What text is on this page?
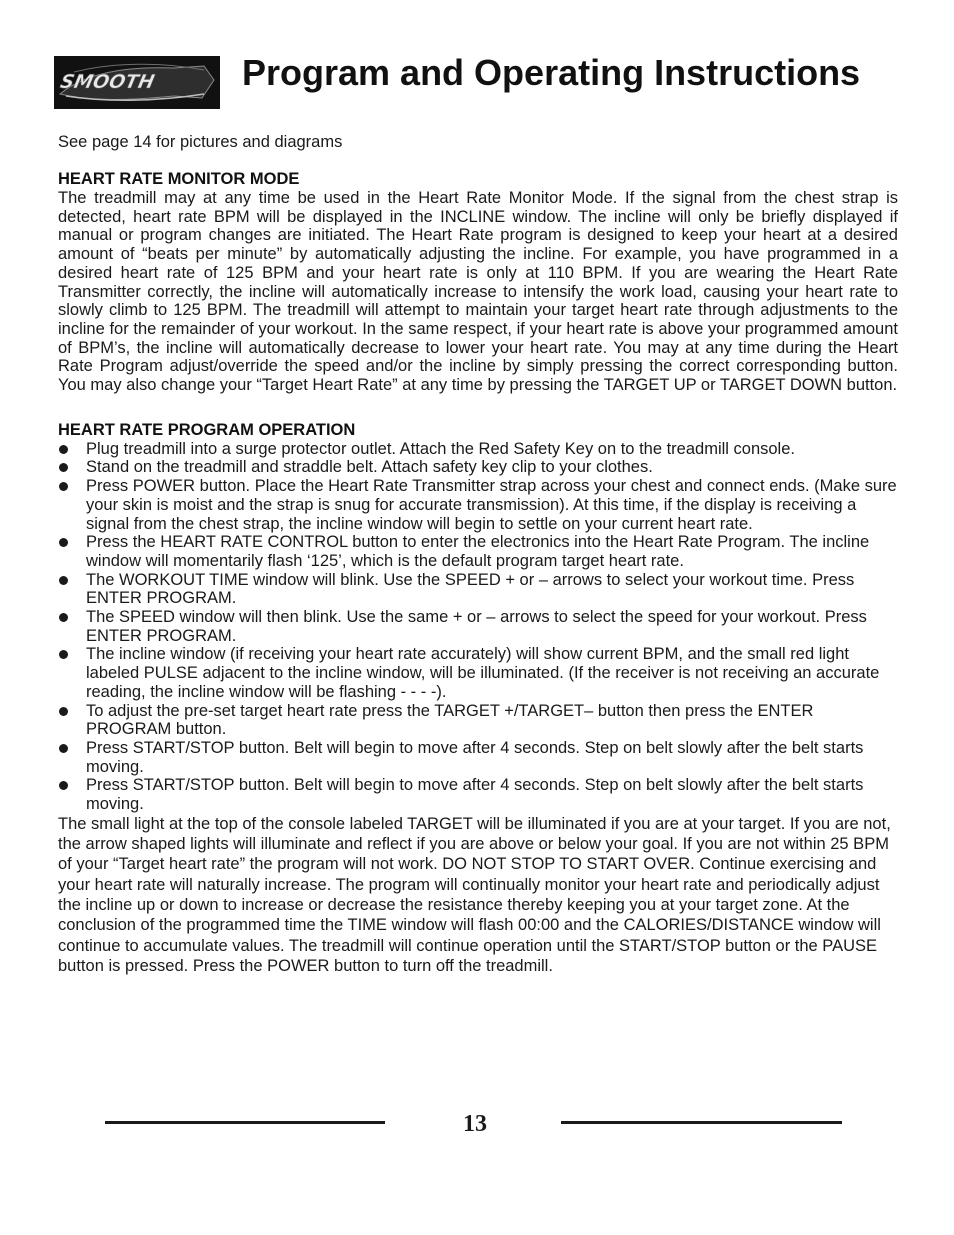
SMOOTH Program and Operating Instructions

See page 14 for pictures and diagrams

HEART RATE MONITOR MODE

The treadmill may at any time be used in the Heart Rate Monitor Mode. If the signal from the chest strap is detected, heart rate BPM will be displayed in the INCLINE window. The incline will only be briefly displayed if manual or program changes are initiated. The Heart Rate program is designed to keep your heart at a desired amount of “beats per minute” by automatically adjusting the incline. For example, you have programmed in a desired heart rate of 125 BPM and your heart rate is only at 110 BPM. If you are wearing the Heart Rate Transmitter correctly, the incline will automatically increase to intensify the work load, causing your heart rate to slowly climb to 125 BPM. The treadmill will attempt to maintain your target heart rate through adjustments to the incline for the remainder of your workout. In the same respect, if your heart rate is above your programmed amount of BPM’s, the incline will automatically decrease to lower your heart rate. You may at any time during the Heart Rate Program adjust/override the speed and/or the incline by simply pressing the correct corresponding button. You may also change your “Target Heart Rate” at any time by pressing the TARGET UP or TARGET DOWN button.

HEART RATE PROGRAM OPERATION
Plug treadmill into a surge protector outlet. Attach the Red Safety Key on to the treadmill console.
Stand on the treadmill and straddle belt. Attach safety key clip to your clothes.
Press POWER button. Place the Heart Rate Transmitter strap across your chest and connect ends. (Make sure your skin is moist and the strap is snug for accurate transmission). At this time, if the display is receiving a signal from the chest strap, the incline window will begin to settle on your current heart rate.
Press the HEART RATE CONTROL button to enter the electronics into the Heart Rate Program. The incline window will momentarily flash ‘125’, which is the default program target heart rate.
The WORKOUT TIME window will blink. Use the SPEED + or – arrows to select your workout time. Press ENTER PROGRAM.
The SPEED window will then blink. Use the same + or – arrows to select the speed for your workout. Press ENTER PROGRAM.
The incline window (if receiving your heart rate accurately) will show current BPM, and the small red light labeled PULSE adjacent to the incline window, will be illuminated. (If the receiver is not receiving an accurate reading, the incline window will be flashing - - - -).
To adjust the pre-set target heart rate press the TARGET +/TARGET– button then press the ENTER PROGRAM button.
Press START/STOP button. Belt will begin to move after 4 seconds. Step on belt slowly after the belt starts moving.
Press START/STOP button. Belt will begin to move after 4 seconds. Step on belt slowly after the belt starts moving.

The small light at the top of the console labeled TARGET will be illuminated if you are at your target. If you are not, the arrow shaped lights will illuminate and reflect if you are above or below your goal. If you are not within 25 BPM of your “Target heart rate” the program will not work. DO NOT STOP TO START OVER. Continue exercising and your heart rate will naturally increase. The program will continually monitor your heart rate and periodically adjust the incline up or down to increase or decrease the resistance thereby keeping you at your target zone. At the conclusion of the programmed time the TIME window will flash 00:00 and the CALORIES/DISTANCE window will continue to accumulate values. The treadmill will continue operation until the START/STOP button or the PAUSE button is pressed. Press the POWER button to turn off the treadmill.

13
